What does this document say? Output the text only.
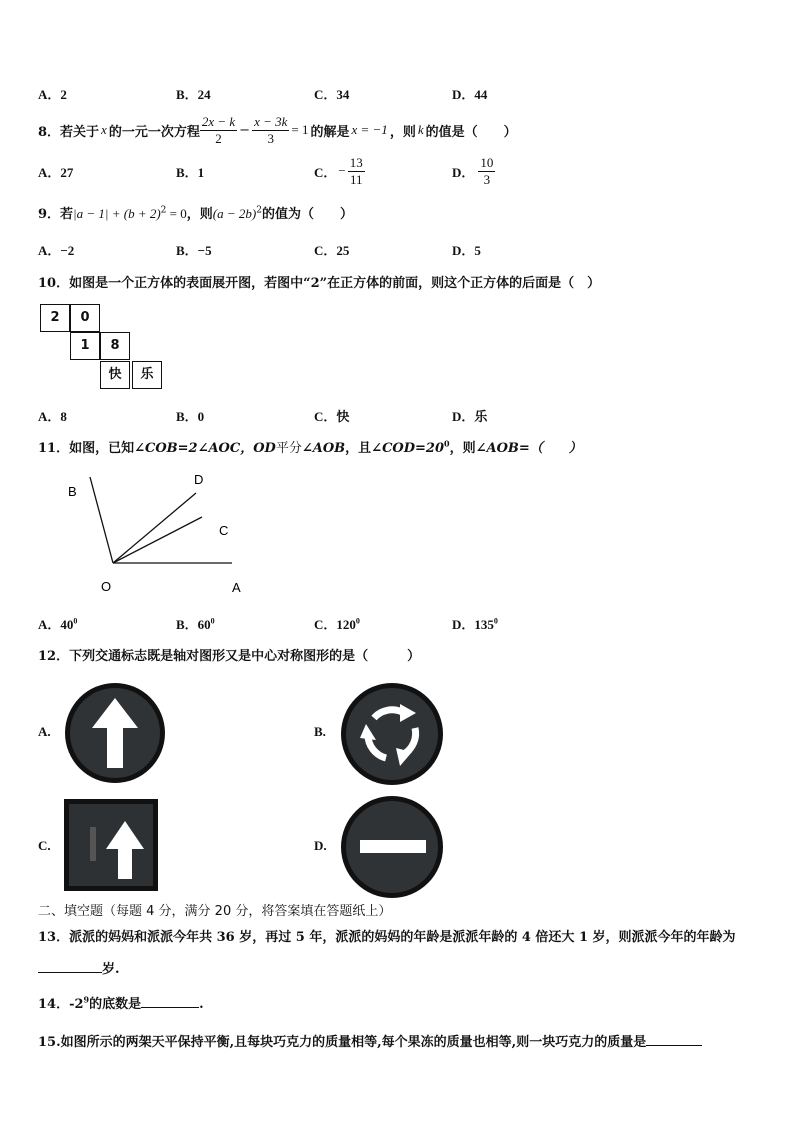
A．2	B．24	C．34	D．44
8．若关于 x 的一元一次方程 $\frac{2x - k}{2} - \frac{x - 3k}{3} = 1$ 的解是 x = −1 ，则 k 的值是（　　）
A．27	B．1	C． − $\frac{13}{11}$	D． $\frac{10}{3}$
9．若$|a - 1| + (b + 2)^2 = 0$，则$(a - 2b)^2$的值为（　　）
A．−2	B．−5	C．25	D．5
10．如图是一个正方体的表面展开图，若图中“2”在正方体的前面，则这个正方体的后面是（　）
2	0
1	8
快	乐
A．8	B．0	C．快	D．乐
11．如图，已知∠COB=2∠AOC，OD平分∠AOB，且$\angle COD=20^0$，则∠AOB=（　　）
B
D
C
O	A
A．$40^0$	B．$60^0$	C．$120^0$	D．$135^0$
12．下列交通标志既是轴对图形又是中心对称图形的是（　　　）
A.	B.
C.	D.
二、填空题（每题 4 分，满分 20 分，将答案填在答题纸上）
13．派派的妈妈和派派今年共 36 岁，再过 5 年，派派的妈妈的年龄是派派年龄的 4 倍还大 1 岁，则派派今年的年龄为
岁.
14．$-2^9$的底数是	.
15.如图所示的两架天平保持平衡,且每块巧克力的质量相等,每个果冻的质量也相等,则一块巧克力的质量是
